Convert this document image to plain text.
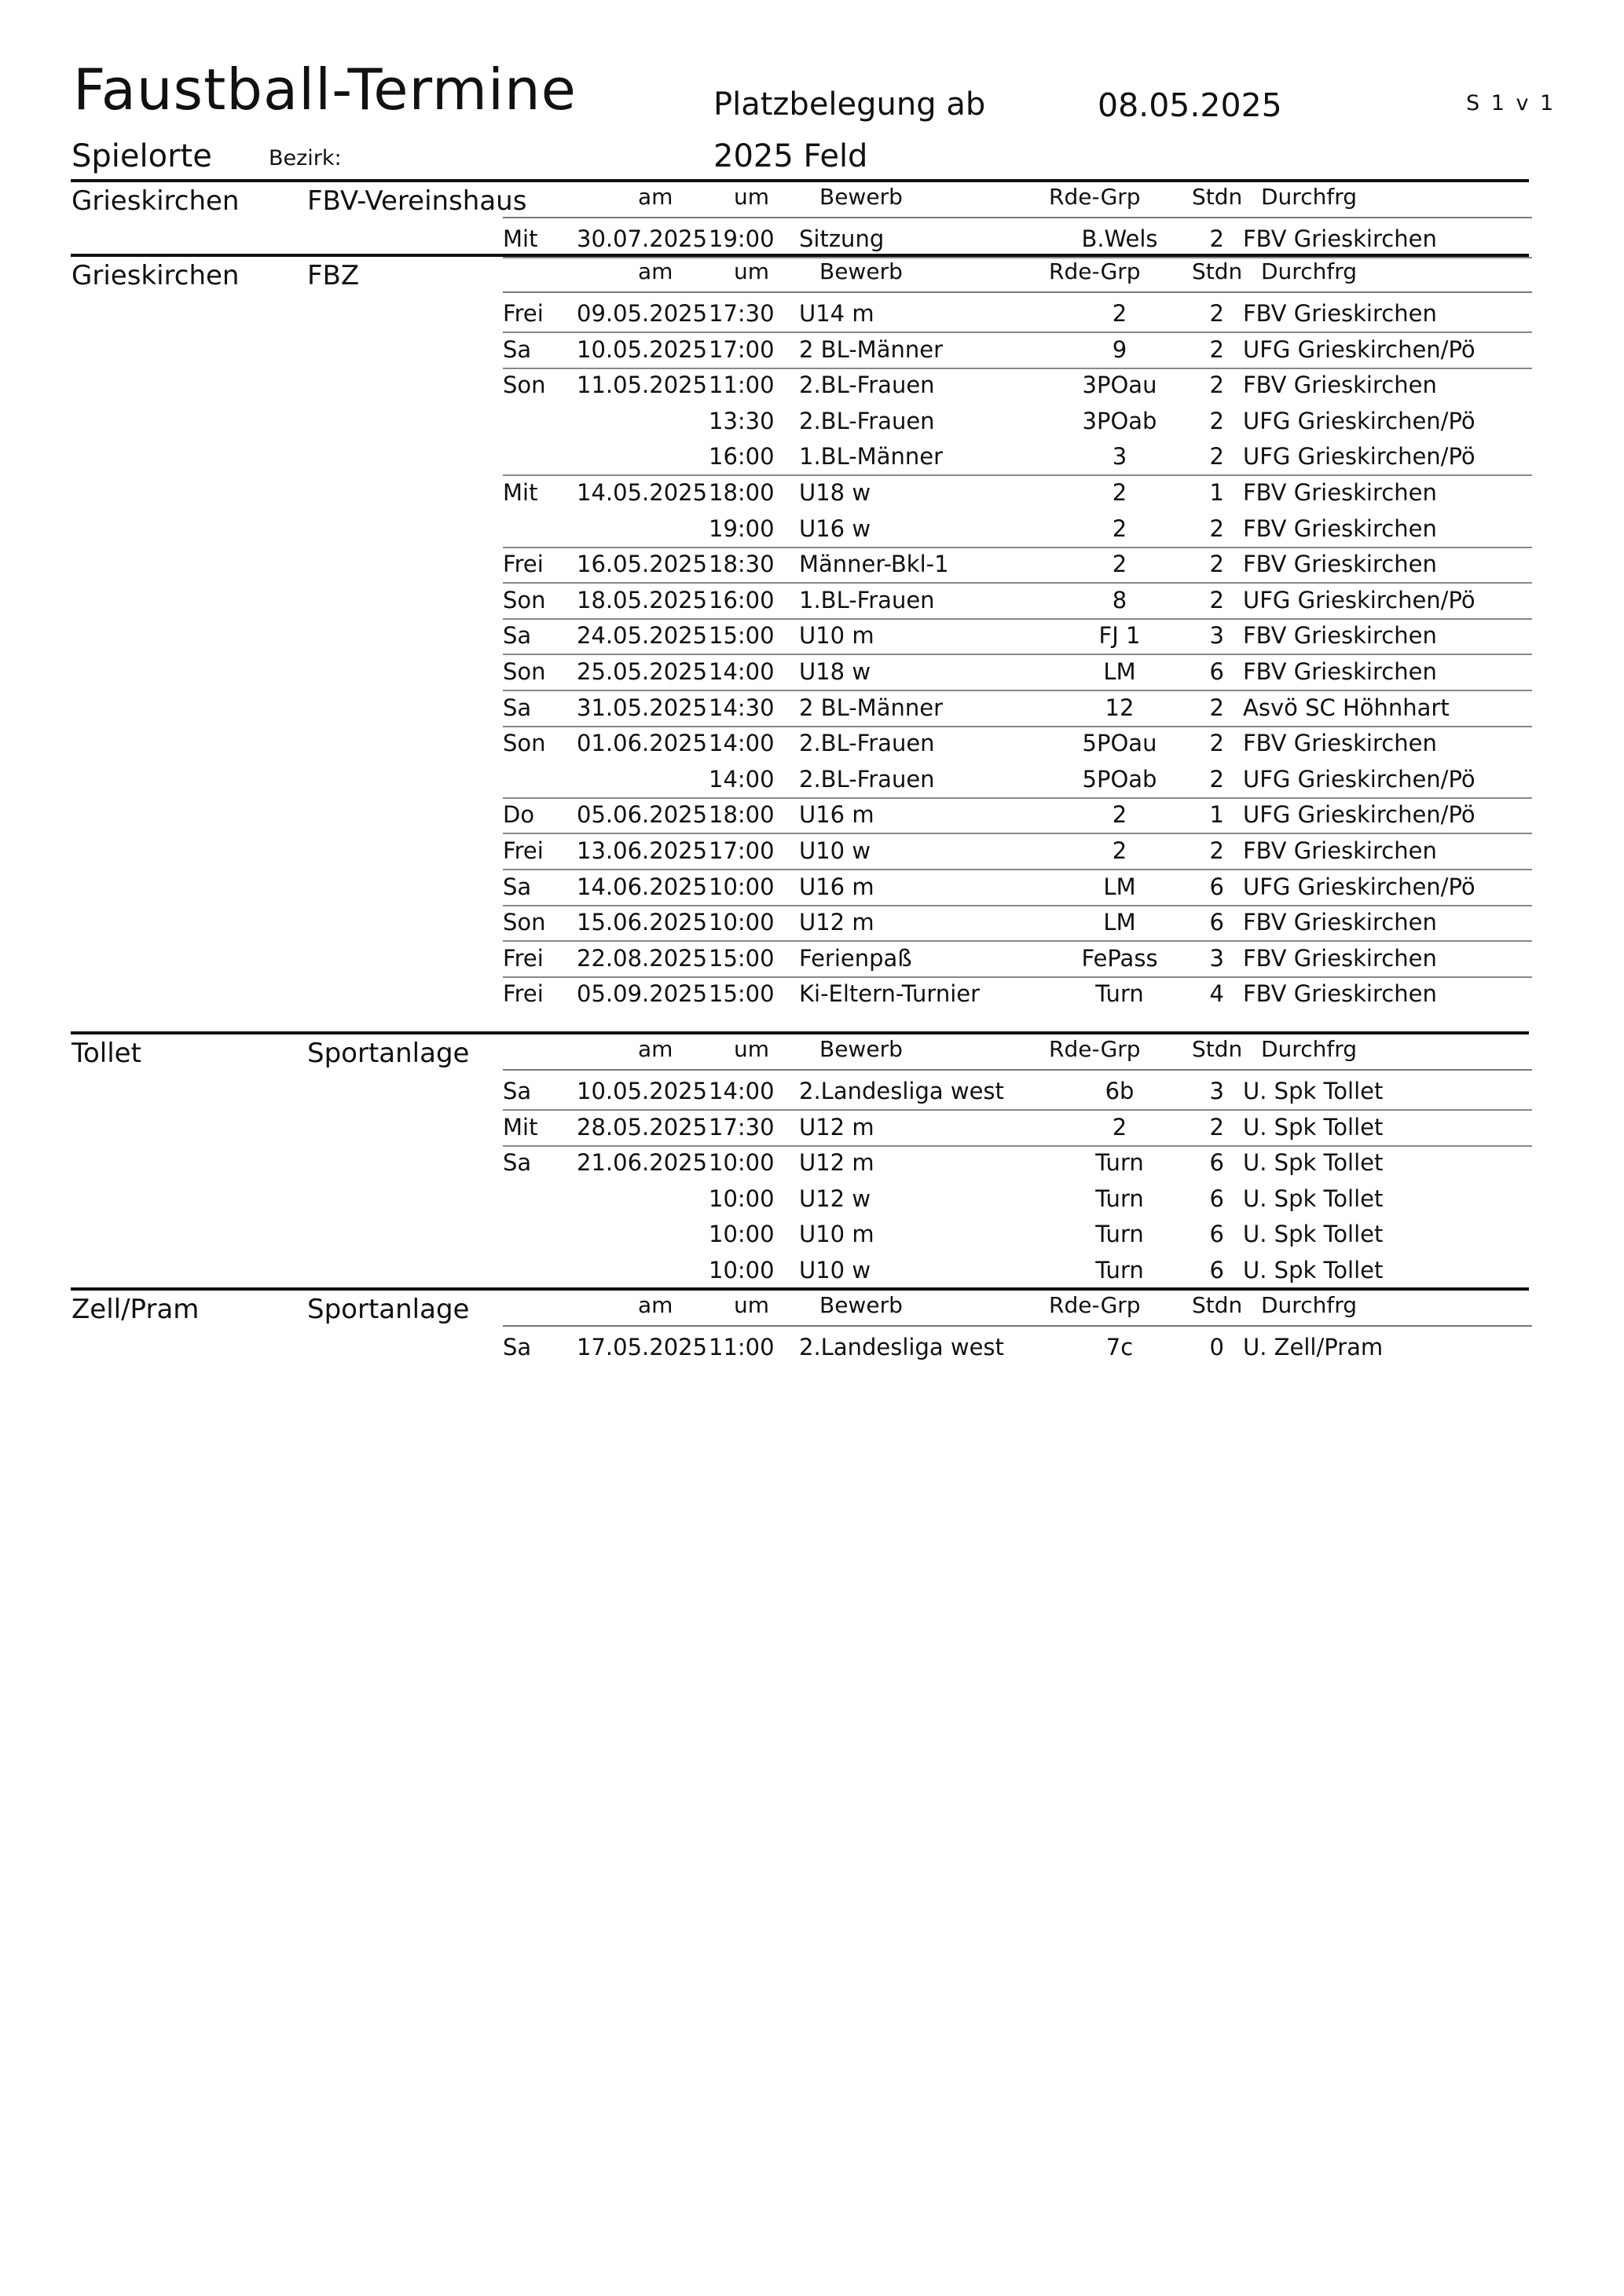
Faustball-Termine	Platzbelegung ab	08.05.2025	S 1 v 1
Spielorte	Bezirk:	2025 Feld
Grieskirchen	FBV-Vereinshaus	am	um Bewerb	Rde-Grp Stdn Durchfrg
Mit 30.07.2025 19:00 Sitzung	B.Wels	2 FBV Grieskirchen
Grieskirchen	FBZ	am	um Bewerb	Rde-Grp Stdn Durchfrg
Frei 09.05.2025 17:30 U14 m	2	2 FBV Grieskirchen
Sa 10.05.2025 17:00 2 BL-Männer	9	2 UFG Grieskirchen/Pö
Son 11.05.2025 11:00 2.BL-Frauen	3POau	2 FBV Grieskirchen
13:30 2.BL-Frauen	3POab	2 UFG Grieskirchen/Pö
16:00 1.BL-Männer	3	2 UFG Grieskirchen/Pö
Mit 14.05.2025 18:00 U18 w	2	1 FBV Grieskirchen
19:00 U16 w	2	2 FBV Grieskirchen
Frei 16.05.2025 18:30 Männer-Bkl-1	2	2 FBV Grieskirchen
Son 18.05.2025 16:00 1.BL-Frauen	8	2 UFG Grieskirchen/Pö
Sa 24.05.2025 15:00 U10 m	FJ 1	3 FBV Grieskirchen
Son 25.05.2025 14:00 U18 w	LM	6 FBV Grieskirchen
Sa 31.05.2025 14:30 2 BL-Männer	12	2 Asvö SC Höhnhart
Son 01.06.2025 14:00 2.BL-Frauen	5POau	2 FBV Grieskirchen
14:00 2.BL-Frauen	5POab	2 UFG Grieskirchen/Pö
Do 05.06.2025 18:00 U16 m	2	1 UFG Grieskirchen/Pö
Frei 13.06.2025 17:00 U10 w	2	2 FBV Grieskirchen
Sa 14.06.2025 10:00 U16 m	LM	6 UFG Grieskirchen/Pö
Son 15.06.2025 10:00 U12 m	LM	6 FBV Grieskirchen
Frei 22.08.2025 15:00 Ferienpaß	FePass	3 FBV Grieskirchen
Frei 05.09.2025 15:00 Ki-Eltern-Turnier	Turn	4 FBV Grieskirchen
Tollet	Sportanlage	am	um Bewerb	Rde-Grp Stdn Durchfrg
Sa 10.05.2025 14:00 2.Landesliga west	6b	3 U. Spk Tollet
Mit 28.05.2025 17:30 U12 m	2	2 U. Spk Tollet
Sa 21.06.2025 10:00 U12 m	Turn	6 U. Spk Tollet
10:00 U12 w	Turn	6 U. Spk Tollet
10:00 U10 m	Turn	6 U. Spk Tollet
10:00 U10 w	Turn	6 U. Spk Tollet
Zell/Pram	Sportanlage	am	um Bewerb	Rde-Grp Stdn Durchfrg
Sa 17.05.2025 11:00 2.Landesliga west	7c	0 U. Zell/Pram
